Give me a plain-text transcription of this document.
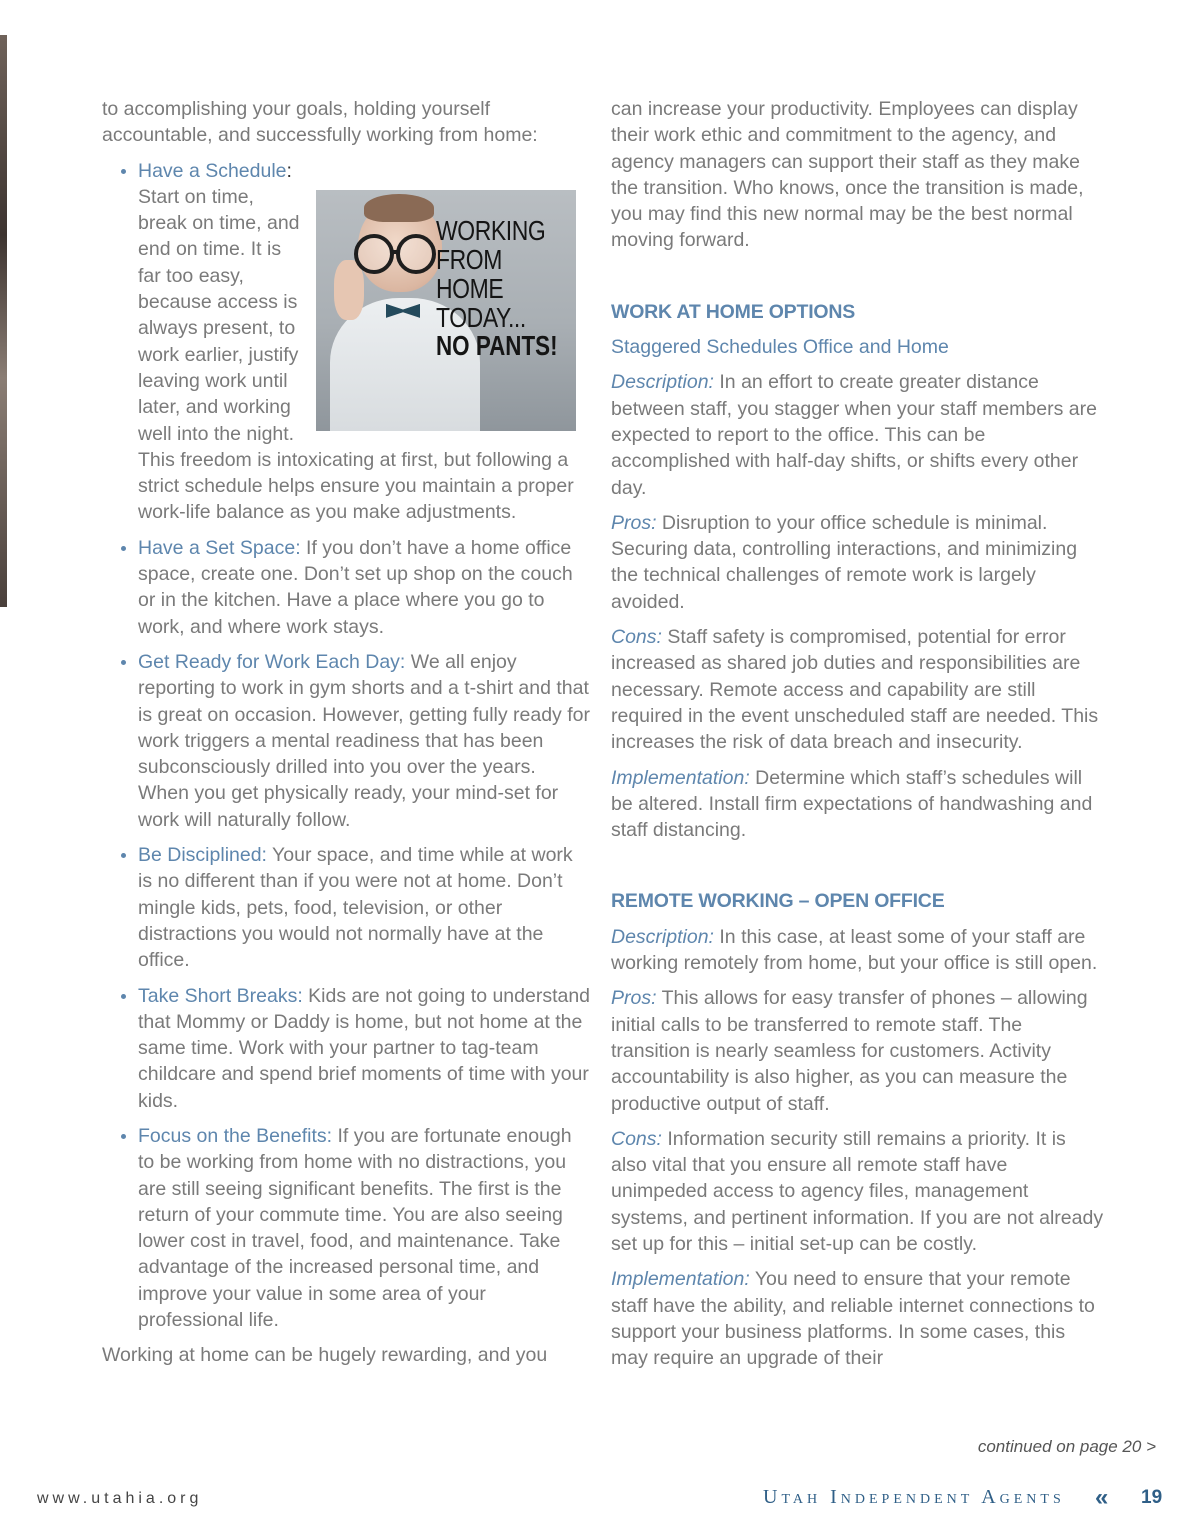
to accomplishing your goals, holding yourself accountable, and successfully working from home:

Have a Schedule:

WORKING
FROM HOME
TODAY...
NO PANTS!
Start on time, break on time, and end on time. It is far too easy, because access is always present, to work earlier, justify leaving work until later, and working well into the night. This freedom is intoxicating at first, but following a strict schedule helps ensure you maintain a proper work-life balance as you make adjustments.
Have a Set Space: If you don’t have a home office space, create one. Don’t set up shop on the couch or in the kitchen. Have a place where you go to work, and where work stays.
Get Ready for Work Each Day: We all enjoy reporting to work in gym shorts and a t-shirt and that is great on occasion. However, getting fully ready for work triggers a mental readiness that has been subconsciously drilled into you over the years. When you get physically ready, your mind-set for work will naturally follow.
Be Disciplined: Your space, and time while at work is no different than if you were not at home. Don’t mingle kids, pets, food, television, or other distractions you would not normally have at the office.
Take Short Breaks: Kids are not going to understand that Mommy or Daddy is home, but not home at the same time. Work with your partner to tag-team childcare and spend brief moments of time with your kids.
Focus on the Benefits: If you are fortunate enough to be working from home with no distractions, you are still seeing significant benefits. The first is the return of your commute time. You are also seeing lower cost in travel, food, and maintenance. Take advantage of the increased personal time, and improve your value in some area of your professional life.

Working at home can be hugely rewarding, and you

can increase your productivity. Employees can display their work ethic and commitment to the agency, and agency managers can support their staff as they make the transition. Who knows, once the transition is made, you may find this new normal may be the best normal moving forward.

WORK AT HOME OPTIONS

Staggered Schedules Office and Home

Description: In an effort to create greater distance between staff, you stagger when your staff members are expected to report to the office. This can be accomplished with half-day shifts, or shifts every other day.

Pros: Disruption to your office schedule is minimal. Securing data, controlling interactions, and minimizing the technical challenges of remote work is largely avoided.

Cons: Staff safety is compromised, potential for error increased as shared job duties and responsibilities are necessary. Remote access and capability are still required in the event unscheduled staff are needed. This increases the risk of data breach and insecurity.

Implementation: Determine which staff’s schedules will be altered. Install firm expectations of handwashing and staff distancing.

REMOTE WORKING – OPEN OFFICE

Description: In this case, at least some of your staff are working remotely from home, but your office is still open.

Pros: This allows for easy transfer of phones – allowing initial calls to be transferred to remote staff. The transition is nearly seamless for customers. Activity accountability is also higher, as you can measure the productive output of staff.

Cons: Information security still remains a priority. It is also vital that you ensure all remote staff have unimpeded access to agency files, management systems, and pertinent information. If you are not already set up for this – initial set-up can be costly.

Implementation: You need to ensure that your remote staff have the ability, and reliable internet connections to support your business platforms. In some cases, this may require an upgrade of their

continued on page 20 >
www.utahia.org	Utah Independent Agents « 19
